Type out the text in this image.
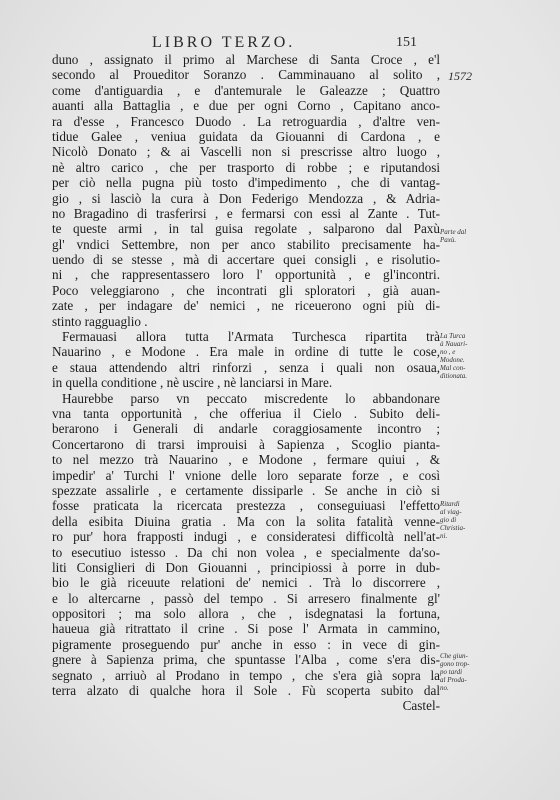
LIBRO TERZO.	151
1572
Parte dal
Paxù.
La Turca
à Nauari-
no , e
Modone.
Mal con-
ditionata.
Ritardi
al viag-
gio di
Christia-
ni.
Che giun-
gono trop-
po tardi
al Proda-
no.
duno , assignato il primo al Marchese di Santa Croce , e'l
secondo al Proueditor Soranzo . Camminauano al solito ,
come d'antiguardia , e d'antemurale le Galeazze ; Quattro
auanti alla Battaglia , e due per ogni Corno , Capitano anco-
ra d'esse , Francesco Duodo . La retroguardia , d'altre ven-
tidue Galee , veniua guidata da Giouanni di Cardona , e
Nicolò Donato ; & ai Vascelli non si prescrisse altro luogo ,
nè altro carico , che per trasporto di robbe ; e riputandosi
per ciò nella pugna più tosto d'impedimento , che di vantag-
gio , si lasciò la cura à Don Federigo Mendozza , & Adria-
no Bragadino di trasferirsi , e fermarsi con essi al Zante . Tut-
te queste armi , in tal guisa regolate , salparono dal Paxù
gl' vndici Settembre, non per anco stabilito precisamente ha-
uendo di se stesse , mà di accertare quei consigli , e risolutio-
ni , che rappresentassero loro l' opportunità , e gl'incontri.
Poco veleggiarono , che incontrati gli sploratori , già auan-
zate , per indagare de' nemici , ne riceuerono ogni più di-
stinto ragguaglio .
Fermauasi allora tutta l'Armata Turchesca ripartita trà
Nauarino , e Modone . Era male in ordine di tutte le cose,
e staua attendendo altri rinforzi , senza i quali non osaua,
in quella conditione , nè uscire , nè lanciarsi in Mare.
Haurebbe parso vn peccato miscredente lo abbandonare
vna tanta opportunità , che offeriua il Cielo . Subito deli-
berarono i Generali di andarle coraggiosamente incontro ;
Concertarono di trarsi improuisi à Sapienza , Scoglio pianta-
to nel mezzo trà Nauarino , e Modone , fermare quiui , &
impedir' a' Turchi l' vnione delle loro separate forze , e così
spezzate assalirle , e certamente dissiparle . Se anche in ciò si
fosse praticata la ricercata prestezza , conseguiuasi l'effetto
della esibita Diuina gratia . Ma con la solita fatalità venne-
ro pur' hora frapposti indugi , e consideratesi difficoltà nell'at-
to esecutiuo istesso . Da chi non volea , e specialmente da'so-
liti Consiglieri di Don Giouanni , principiossi à porre in dub-
bio le già riceuute relationi de' nemici . Trà lo discorrere ,
e lo altercarne , passò del tempo . Si arresero finalmente gl'
oppositori ; ma solo allora , che , isdegnatasi la fortuna,
haueua già ritrattato il crine . Si pose l' Armata in cammino,
pigramente proseguendo pur' anche in esso : in vece di gin-
gnere à Sapienza prima, che spuntasse l'Alba , come s'era dis-
segnato , arriuò al Prodano in tempo , che s'era già sopra la
terra alzato di qualche hora il Sole . Fù scoperta subito dal
Castel-
